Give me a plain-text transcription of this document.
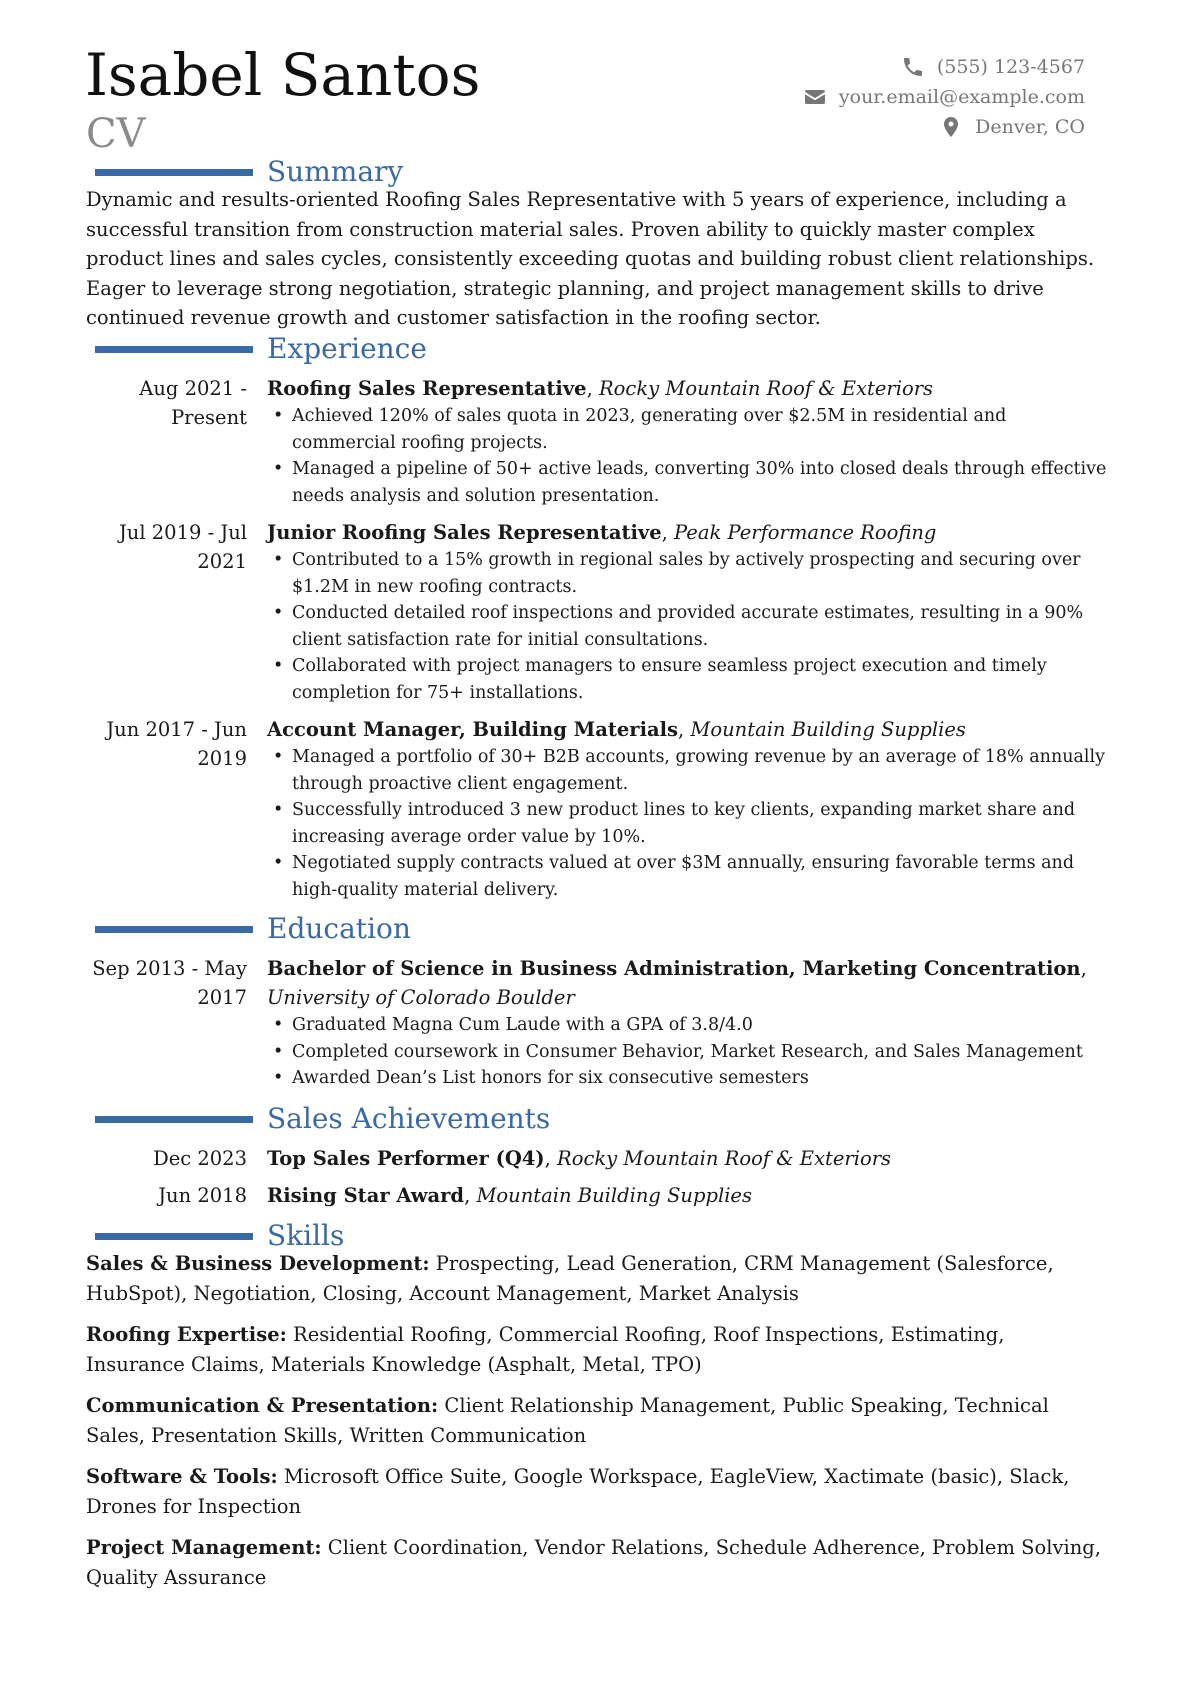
Isabel Santos
CV
(555) 123-4567
your.email@example.com
Denver, CO
Summary
Dynamic and results-oriented Roofing Sales Representative with 5 years of experience, including a successful transition from construction material sales. Proven ability to quickly master complex product lines and sales cycles, consistently exceeding quotas and building robust client relationships. Eager to leverage strong negotiation, strategic planning, and project management skills to drive continued revenue growth and customer satisfaction in the roofing sector.
Experience
Aug 2021 - Present
Roofing Sales Representative, Rocky Mountain Roof & Exteriors
• Achieved 120% of sales quota in 2023, generating over $2.5M in residential and commercial roofing projects.
• Managed a pipeline of 50+ active leads, converting 30% into closed deals through effective needs analysis and solution presentation.
Jul 2019 - Jul 2021
Junior Roofing Sales Representative, Peak Performance Roofing
• Contributed to a 15% growth in regional sales by actively prospecting and securing over $1.2M in new roofing contracts.
• Conducted detailed roof inspections and provided accurate estimates, resulting in a 90% client satisfaction rate for initial consultations.
• Collaborated with project managers to ensure seamless project execution and timely completion for 75+ installations.
Jun 2017 - Jun 2019
Account Manager, Building Materials, Mountain Building Supplies
• Managed a portfolio of 30+ B2B accounts, growing revenue by an average of 18% annually through proactive client engagement.
• Successfully introduced 3 new product lines to key clients, expanding market share and increasing average order value by 10%.
• Negotiated supply contracts valued at over $3M annually, ensuring favorable terms and high-quality material delivery.
Education
Sep 2013 - May 2017
Bachelor of Science in Business Administration, Marketing Concentration,
University of Colorado Boulder
• Graduated Magna Cum Laude with a GPA of 3.8/4.0
• Completed coursework in Consumer Behavior, Market Research, and Sales Management
• Awarded Dean’s List honors for six consecutive semesters
Sales Achievements
Dec 2023 Top Sales Performer (Q4), Rocky Mountain Roof & Exteriors
Jun 2018 Rising Star Award, Mountain Building Supplies
Skills
Sales & Business Development: Prospecting, Lead Generation, CRM Management (Salesforce, HubSpot), Negotiation, Closing, Account Management, Market Analysis
Roofing Expertise: Residential Roofing, Commercial Roofing, Roof Inspections, Estimating, Insurance Claims, Materials Knowledge (Asphalt, Metal, TPO)
Communication & Presentation: Client Relationship Management, Public Speaking, Technical Sales, Presentation Skills, Written Communication
Software & Tools: Microsoft Office Suite, Google Workspace, EagleView, Xactimate (basic), Slack, Drones for Inspection
Project Management: Client Coordination, Vendor Relations, Schedule Adherence, Problem Solving, Quality Assurance
